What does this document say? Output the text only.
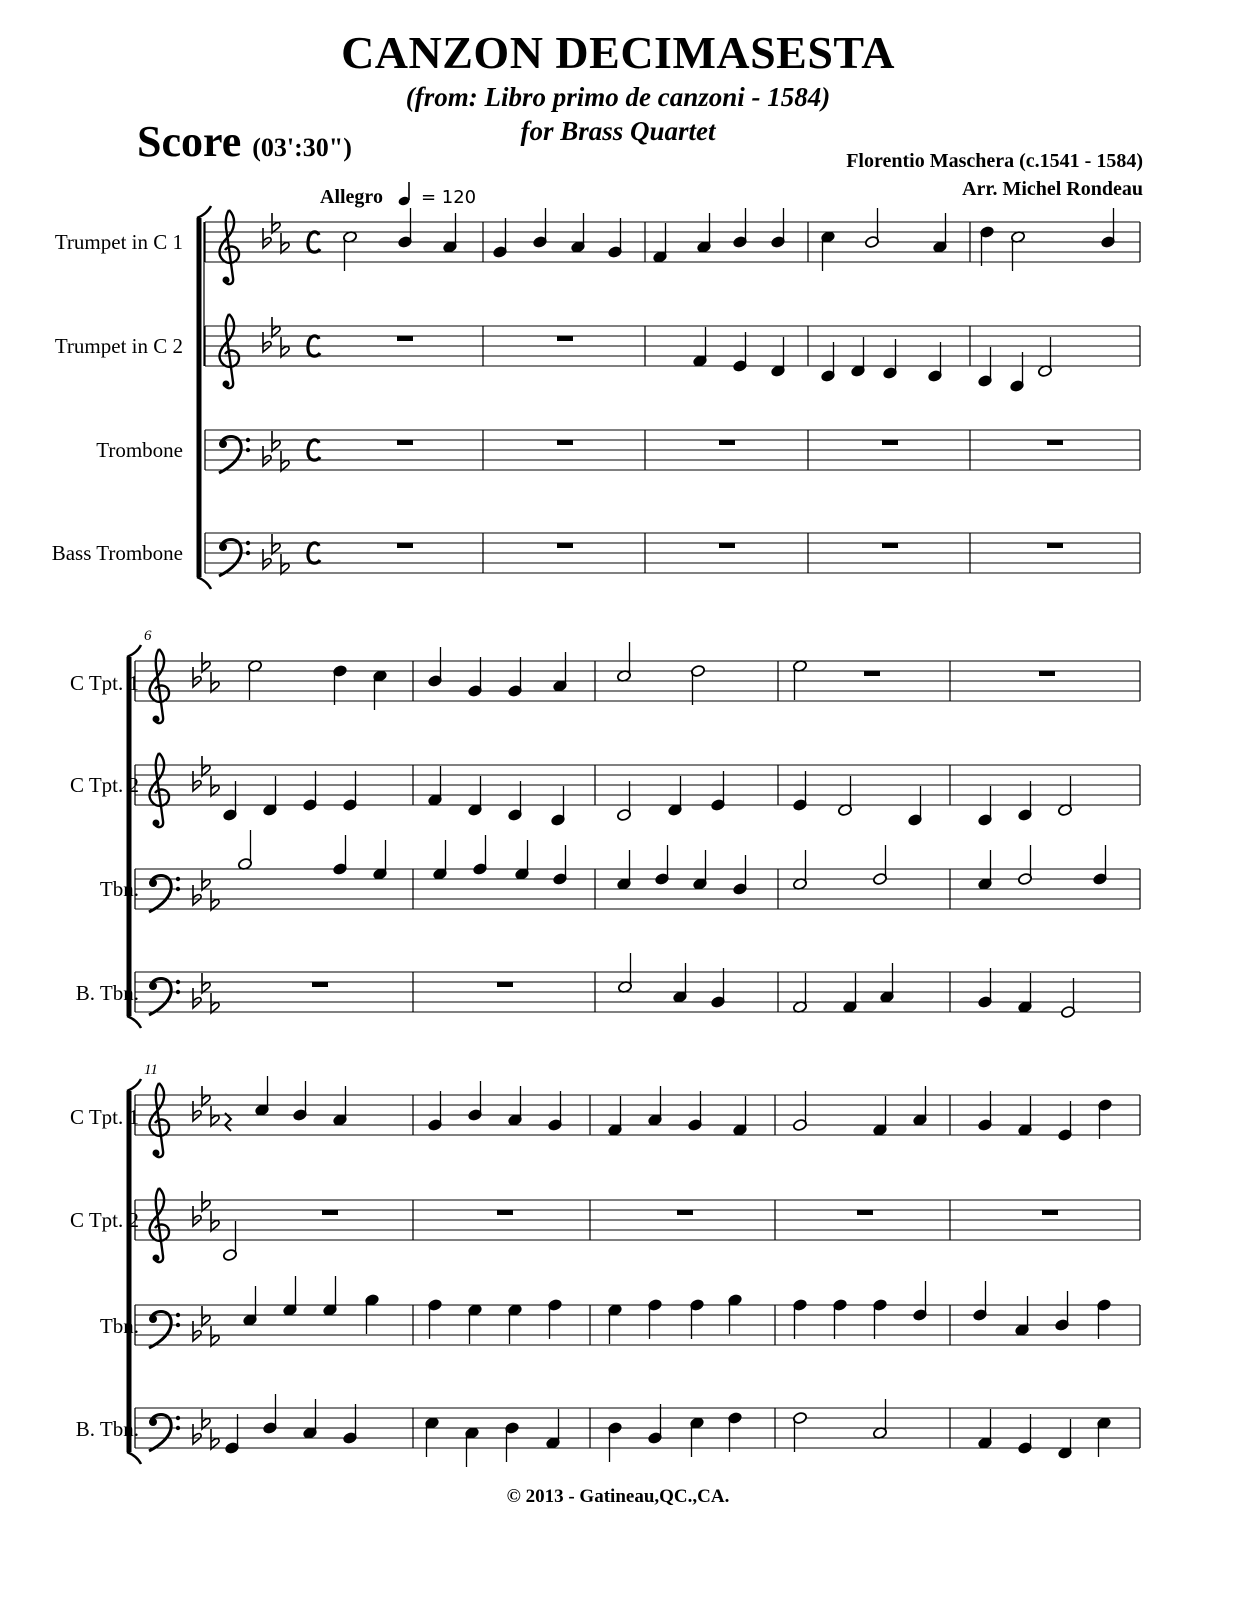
CANZON DECIMASESTA
(from: Libro primo de canzoni - 1584)
for Brass Quartet
Score (03':30")	Florentio Maschera (c.1541 - 1584)
Arr. Michel Rondeau
Allegro = 120
Trumpet in C 1
Trumpet in C 2
Trombone
Bass Trombone
C Tpt. 1
C Tpt. 2
Tbn.
B. Tbn.
C Tpt. 1
C Tpt. 2
Tbn.
B. Tbn.
6
11
© 2013 - Gatineau,QC.,CA.
